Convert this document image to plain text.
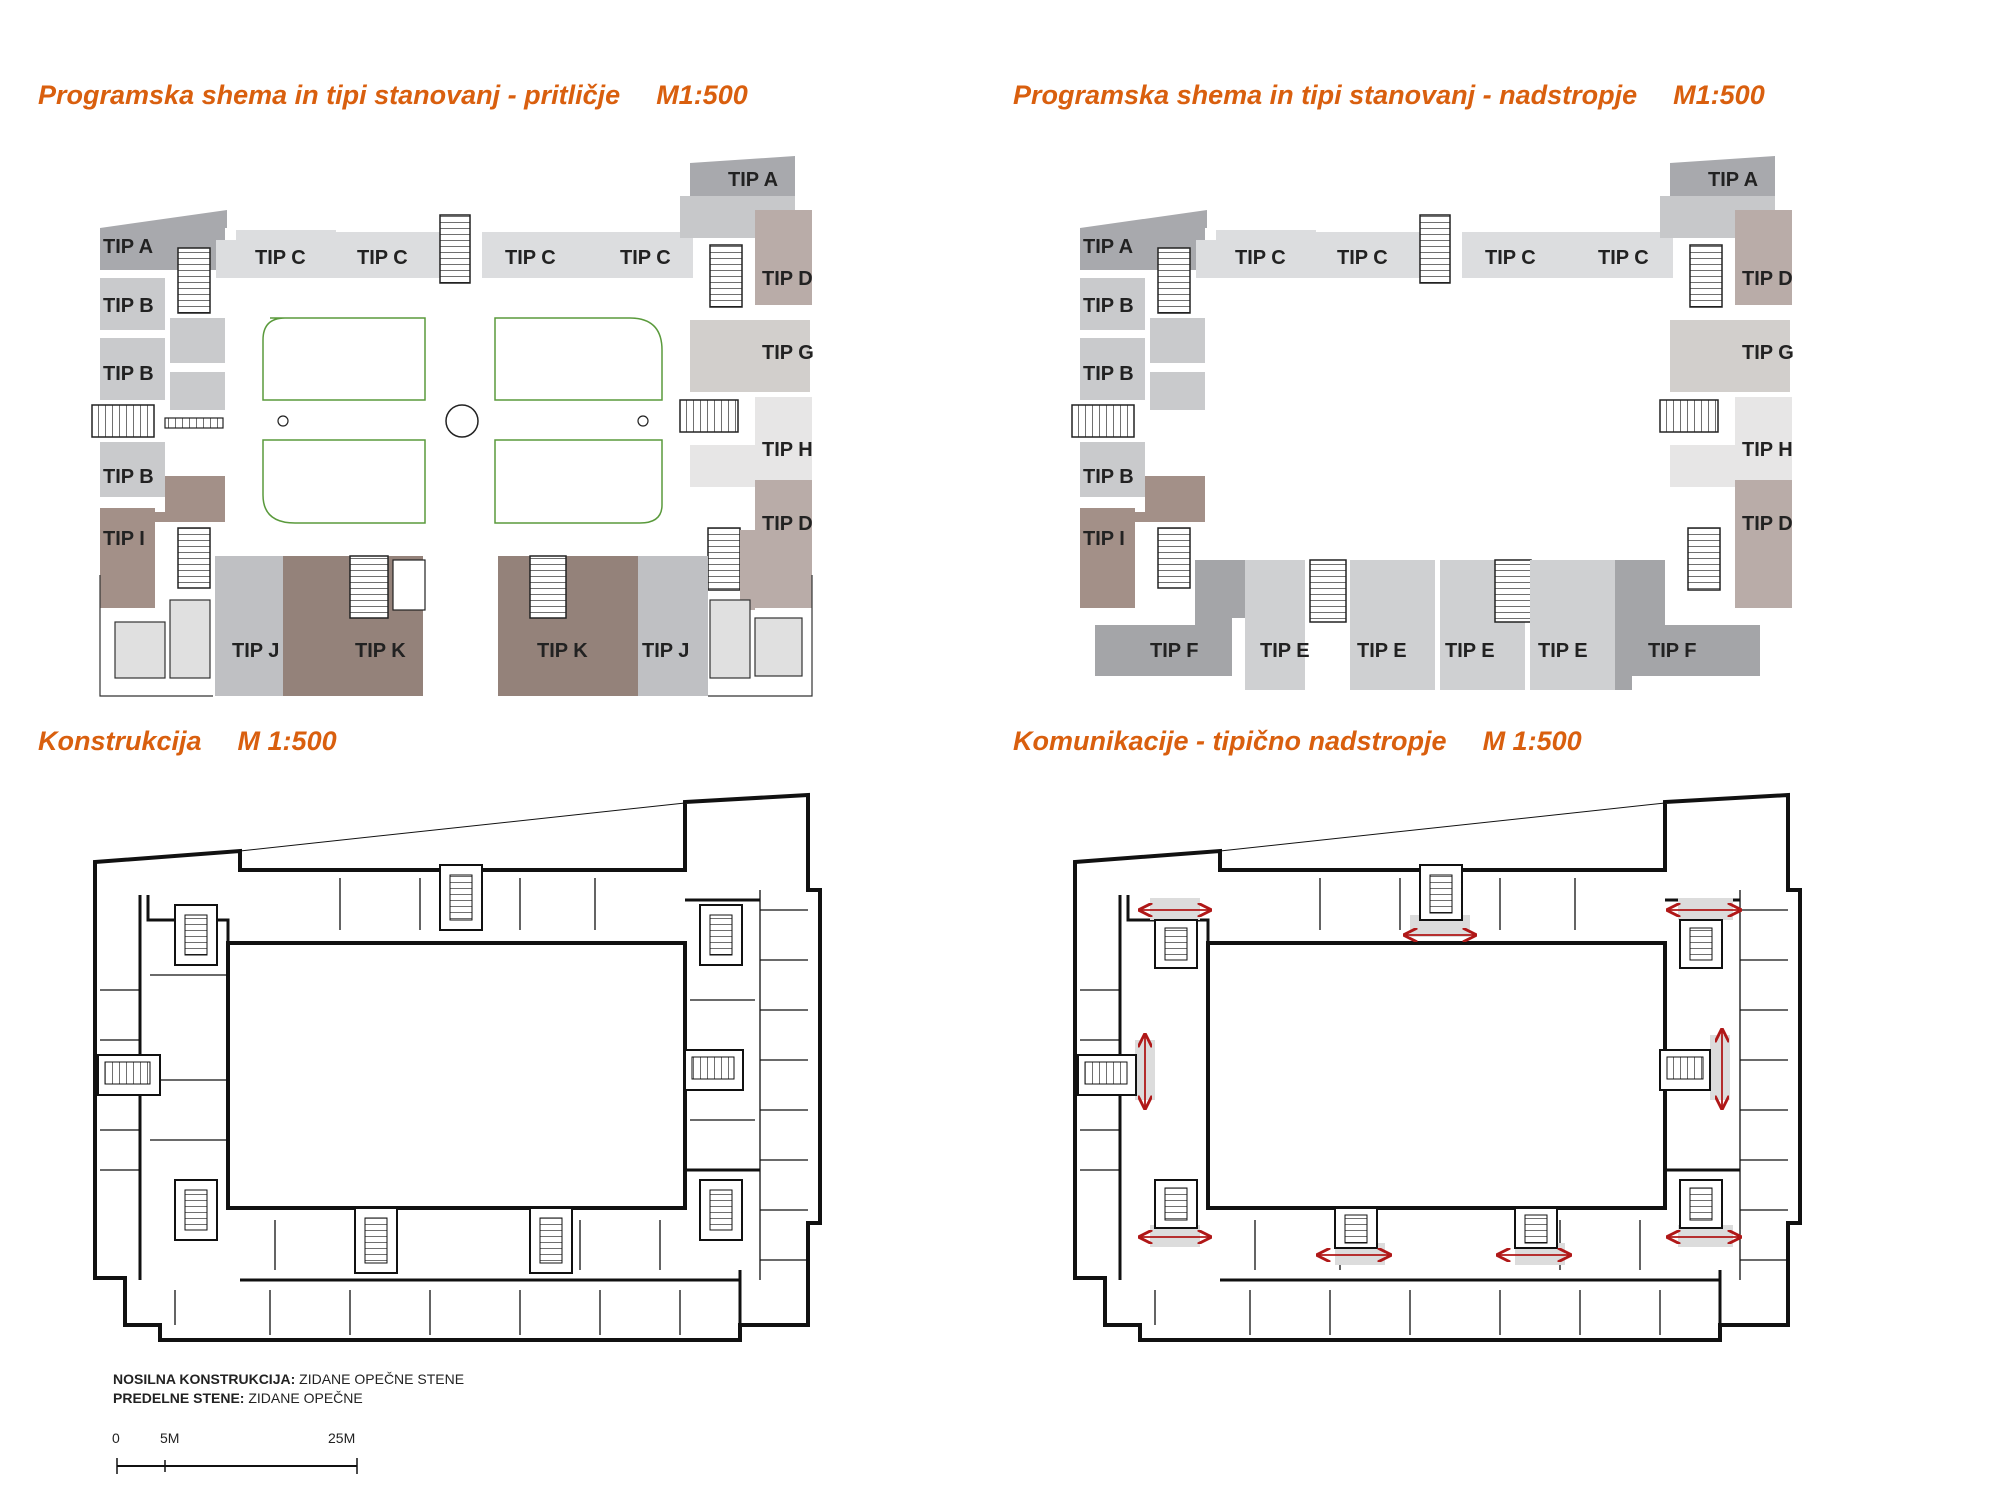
Programska shema in tipi stanovanj - pritličje M1:500	Programska shema in tipi stanovanj - nadstropje M1:500
Konstrukcija M 1:500	Komunikacije - tipično nadstropje M 1:500
TIP A	TIP C	TIP C	TIP C	TIP C
TIP A
TIP B
TIP B
TIP B
TIP I
TIP D
TIP G
TIP H
TIP D
TIP J	TIP K	TIP K	TIP J
TIP A	TIP C	TIP C	TIP C	TIP C
TIP A
TIP B
TIP B
TIP B
TIP I
TIP D
TIP G
TIP H
TIP D
TIP F	TIP E TIP E TIP E TIP E	TIP F
0	5M	25M
NOSILNA KONSTRUKCIJA: ZIDANE OPEČNE STENE
PREDELNE STENE: ZIDANE OPEČNE
